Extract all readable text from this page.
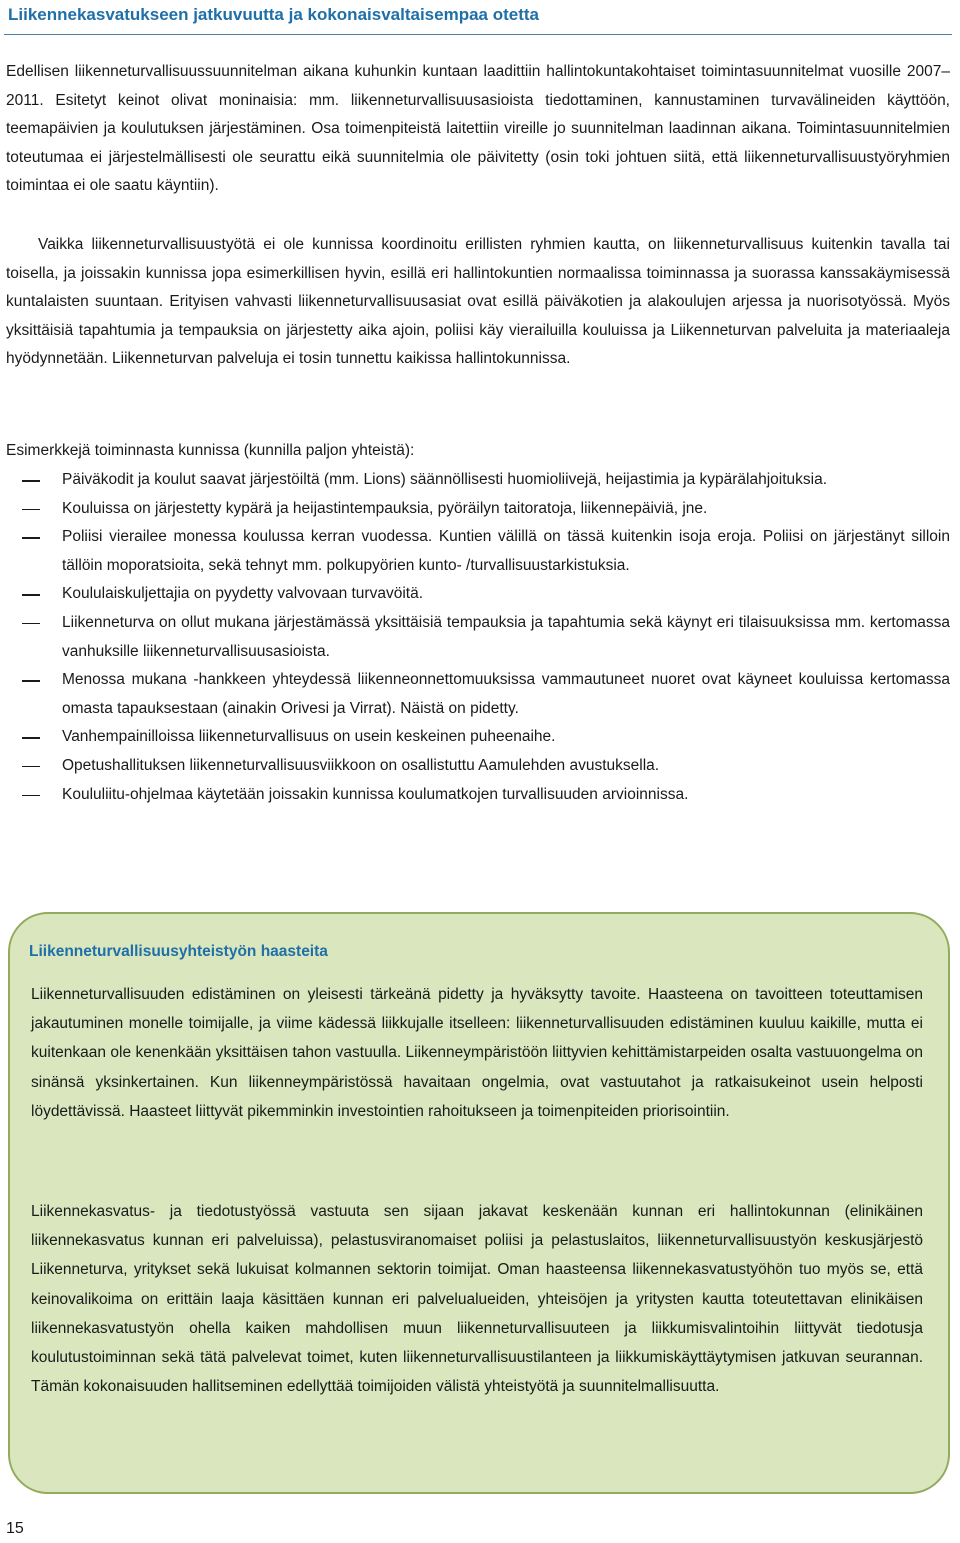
Liikennekasvatukseen jatkuvuutta ja kokonaisvaltaisempaa otetta

Edellisen liikenneturvallisuussuunnitelman aikana kuhunkin kuntaan laadittiin hallintokuntakohtaiset toimintasuunnitelmat vuosille 2007–2011. Esitetyt keinot olivat moninaisia: mm. liikenneturvallisuusasioista tiedottaminen, kannustaminen turvavälineiden käyttöön, teemapäivien ja koulutuksen järjestäminen. Osa toimenpiteistä laitettiin vireille jo suunnitelman laadinnan aikana. Toimintasuunnitelmien toteutumaa ei järjestelmällisesti ole seurattu eikä suunnitelmia ole päivitetty (osin toki johtuen siitä, että liikenneturvallisuustyöryhmien toimintaa ei ole saatu käyntiin).

Vaikka liikenneturvallisuustyötä ei ole kunnissa koordinoitu erillisten ryhmien kautta, on liikenneturvallisuus kuitenkin tavalla tai toisella, ja joissakin kunnissa jopa esimerkillisen hyvin, esillä eri hallintokuntien normaalissa toiminnassa ja suorassa kanssakäymisessä kuntalaisten suuntaan. Erityisen vahvasti liikenneturvallisuusasiat ovat esillä päiväkotien ja alakoulujen arjessa ja nuorisotyössä. Myös yksittäisiä tapahtumia ja tempauksia on järjestetty aika ajoin, poliisi käy vierailuilla kouluissa ja Liikenneturvan palveluita ja materiaaleja hyödynnetään. Liikenneturvan palveluja ei tosin tunnettu kaikissa hallintokunnissa.

Esimerkkejä toiminnasta kunnissa (kunnilla paljon yhteistä):

Päiväkodit ja koulut saavat järjestöiltä (mm. Lions) säännöllisesti huomioliivejä, heijastimia ja kypärälahjoituksia.
Kouluissa on järjestetty kypärä ja heijastintempauksia, pyöräilyn taitoratoja, liikennepäiviä, jne.
Poliisi vierailee monessa koulussa kerran vuodessa. Kuntien välillä on tässä kuitenkin isoja eroja. Poliisi on järjestänyt silloin tällöin moporatsioita, sekä tehnyt mm. polkupyörien kunto- /turvallisuustarkistuksia.
Koululaiskuljettajia on pyydetty valvovaan turvavöitä.
Liikenneturva on ollut mukana järjestämässä yksittäisiä tempauksia ja tapahtumia sekä käynyt eri tilaisuuksissa mm. kertomassa vanhuksille liikenneturvallisuusasioista.
Menossa mukana -hankkeen yhteydessä liikenneonnettomuuksissa vammautuneet nuoret ovat käyneet kouluissa kertomassa omasta tapauksestaan (ainakin Orivesi ja Virrat). Näistä on pidetty.
Vanhempainilloissa liikenneturvallisuus on usein keskeinen puheenaihe.
Opetushallituksen liikenneturvallisuusviikkoon on osallistuttu Aamulehden avustuksella.
Koululiitu-ohjelmaa käytetään joissakin kunnissa koulumatkojen turvallisuuden arvioinnissa.
Liikenneturvallisuusyhteistyön haasteita

Liikenneturvallisuuden edistäminen on yleisesti tärkeänä pidetty ja hyväksytty tavoite. Haasteena on tavoitteen toteuttamisen jakautuminen monelle toimijalle, ja viime kädessä liikkujalle itselleen: liikenneturvallisuuden edistäminen kuuluu kaikille, mutta ei kuitenkaan ole kenenkään yksittäisen tahon vastuulla. Liikenneympäristöön liittyvien kehittämistarpeiden osalta vastuuongelma on sinänsä yksinkertainen. Kun liikenneympäristössä havaitaan ongelmia, ovat vastuutahot ja ratkaisukeinot usein helposti löydettävissä. Haasteet liittyvät pikemminkin investointien rahoitukseen ja toimenpiteiden priorisointiin.

Liikennekasvatus- ja tiedotustyössä vastuuta sen sijaan jakavat keskenään kunnan eri hallintokunnan (elinikäinen liikennekasvatus kunnan eri palveluissa), pelastusviranomaiset poliisi ja pelastuslaitos, liikenneturvallisuustyön keskusjärjestö Liikenneturva, yritykset sekä lukuisat kolmannen sektorin toimijat. Oman haasteensa liikennekasvatustyöhön tuo myös se, että keinovalikoima on erittäin laaja käsittäen kunnan eri palvelualueiden, yhteisöjen ja yritysten kautta toteutettavan elinikäisen liikennekasvatustyön ohella kaiken mahdollisen muun liikenneturvallisuuteen ja liikkumisvalintoihin liittyvät tiedotusja koulutustoiminnan sekä tätä palvelevat toimet, kuten liikenneturvallisuustilanteen ja liikkumiskäyttäytymisen jatkuvan seurannan. Tämän kokonaisuuden hallitseminen edellyttää toimijoiden välistä yhteistyötä ja suunnitelmallisuutta.

15
